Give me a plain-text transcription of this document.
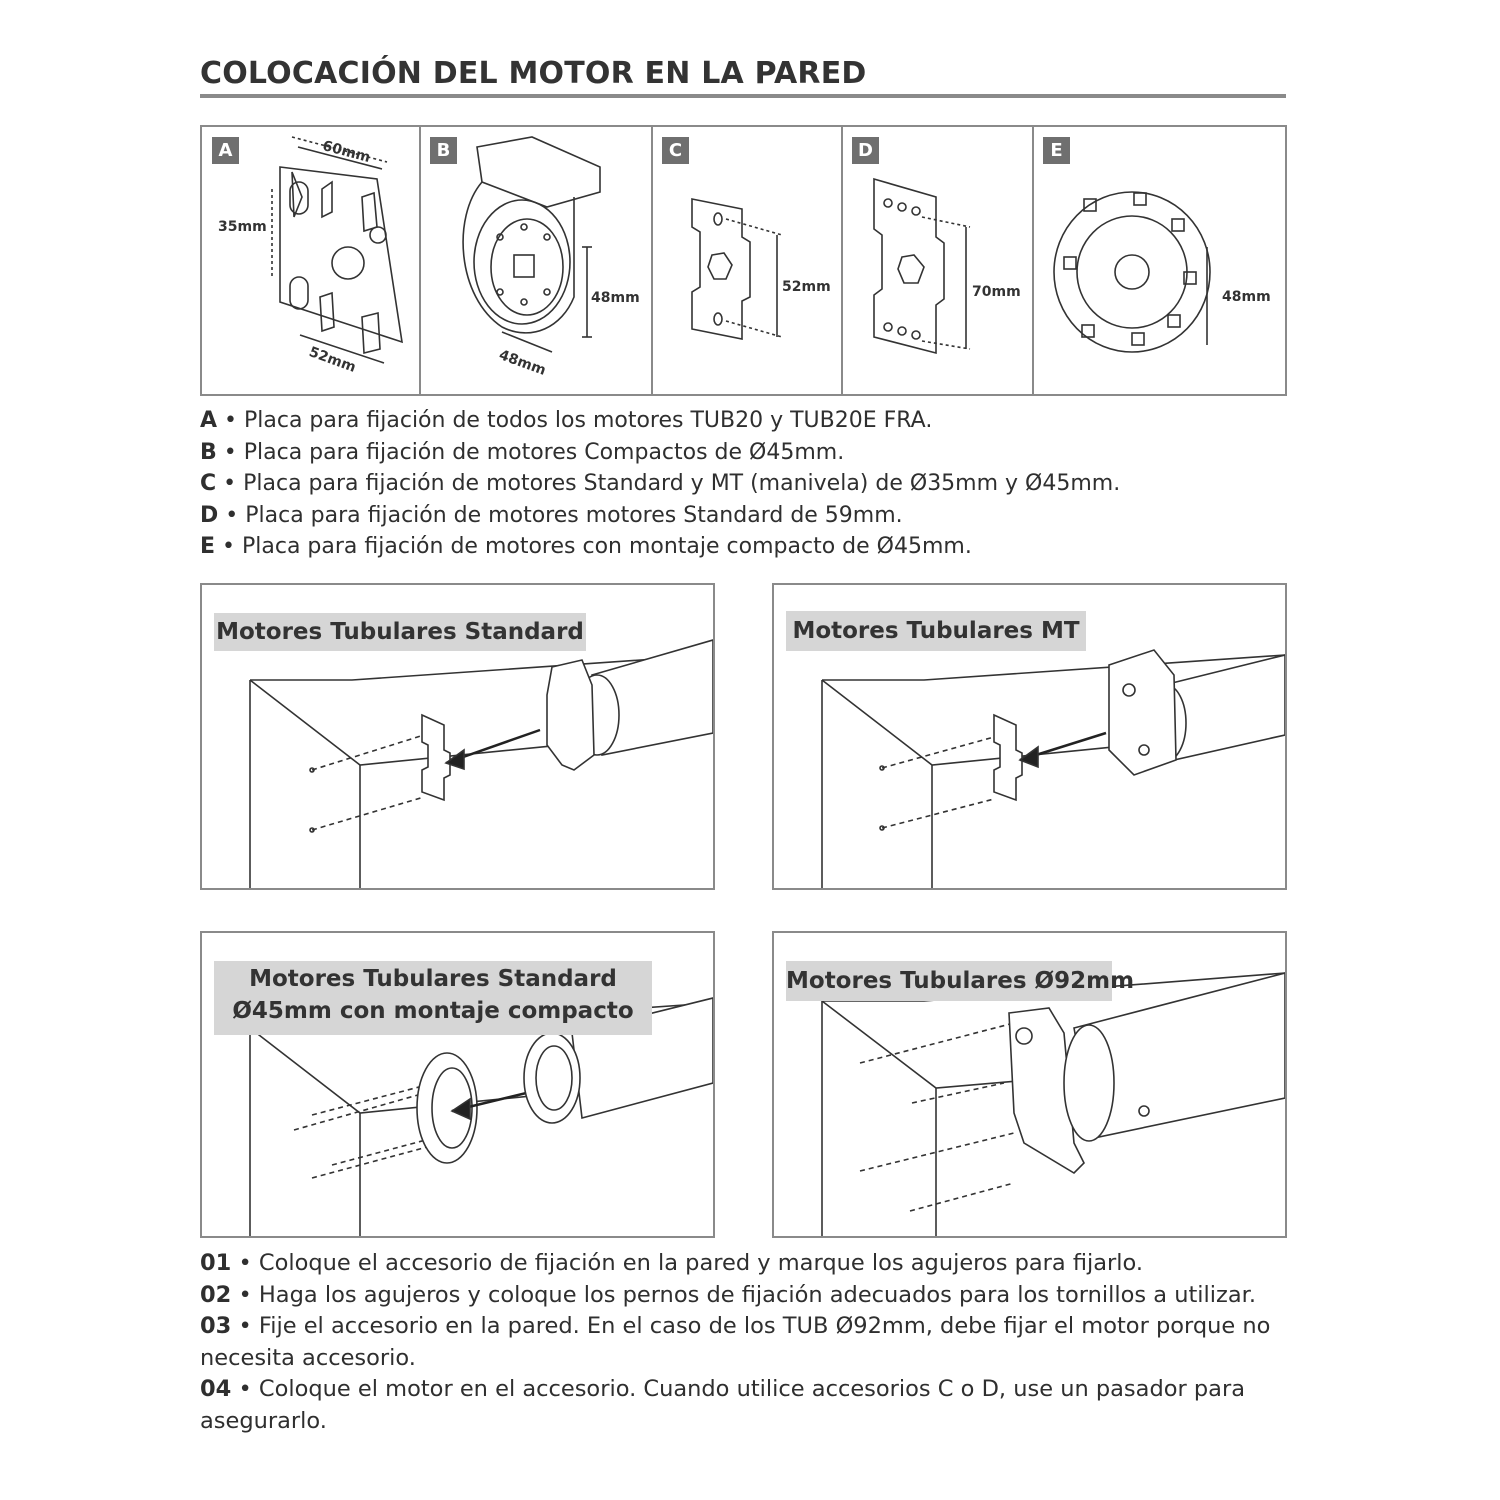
COLOCACIÓN DEL MOTOR EN LA PARED
A	B	C	D	E
60mm
35mm
52mm
48mm
48mm
52mm	70mm	48mm
A • Placa para fijación de todos los motores TUB20 y TUB20E FRA.
B • Placa para fijación de motores Compactos de Ø45mm.
C • Placa para fijación de motores Standard y MT (manivela) de Ø35mm y Ø45mm.
D • Placa para fijación de motores motores Standard de 59mm.
E • Placa para fijación de motores con montaje compacto de Ø45mm.
Motores Tubulares Standard	Motores Tubulares MT
Motores Tubulares Standard
Ø45mm con montaje compacto
Motores Tubulares Ø92mm

01 • Coloque el accesorio de fijación en la pared y marque los agujeros para fijarlo.

02 • Haga los agujeros y coloque los pernos de fijación adecuados para los tornillos a utilizar.

03 • Fije el accesorio en la pared. En el caso de los TUB Ø92mm, debe fijar el motor porque no necesita accesorio.

04 • Coloque el motor en el accesorio. Cuando utilice accesorios C o D, use un pasador para asegurarlo.
